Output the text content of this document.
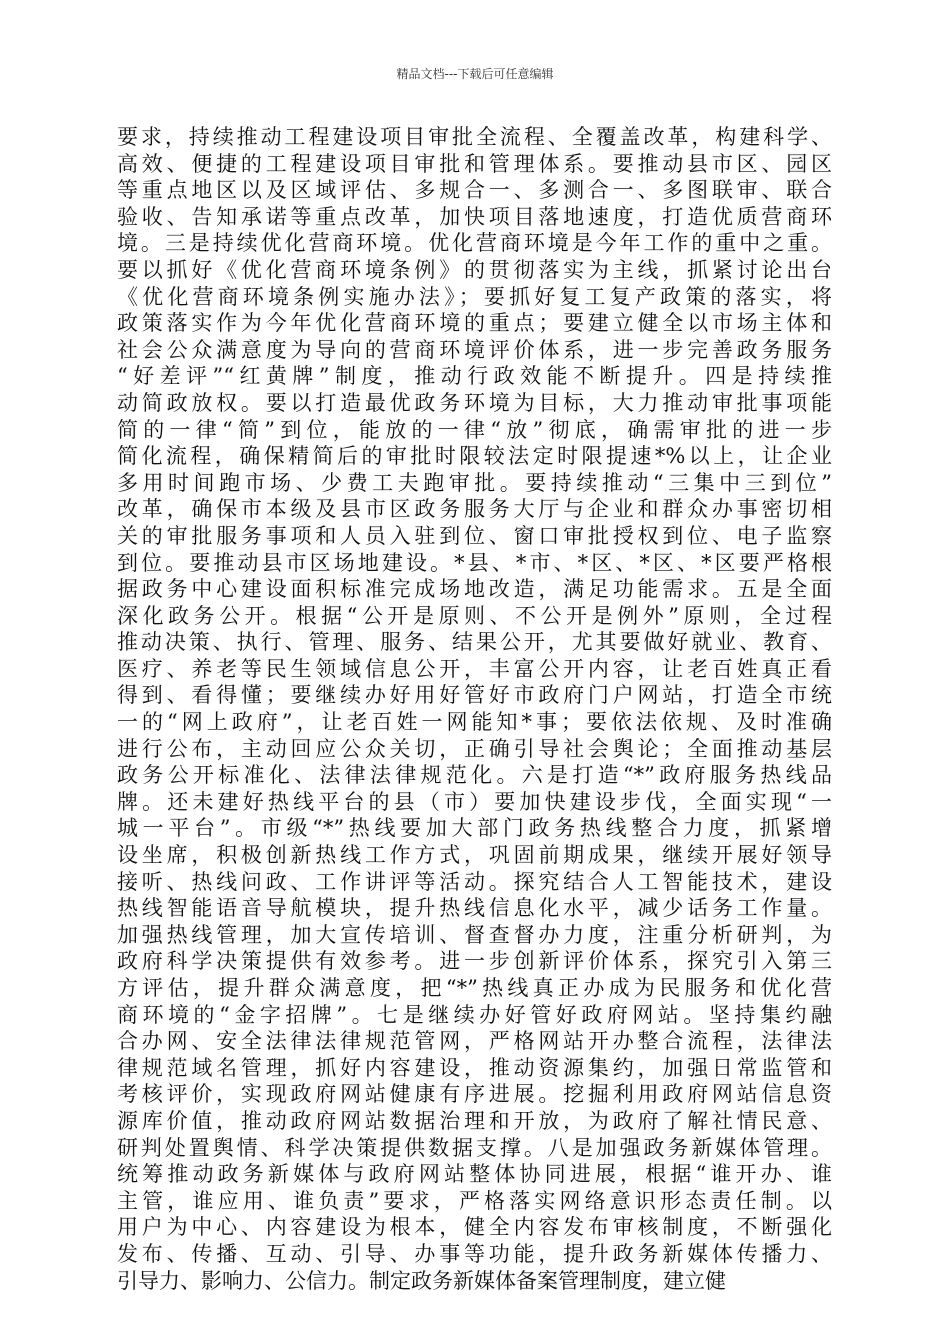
精品文档---下载后可任意编辑
要求，持续推动工程建设项目审批全流程、全覆盖改革，构建科学、
高效、便捷的工程建设项目审批和管理体系。要推动县市区、园区
等重点地区以及区域评估、多规合一、多测合一、多图联审、联合
验收、告知承诺等重点改革，加快项目落地速度，打造优质营商环
境。三是持续优化营商环境。优化营商环境是今年工作的重中之重。
要以抓好《优化营商环境条例》的贯彻落实为主线，抓紧讨论出台
《优化营商环境条例实施办法》；要抓好复工复产政策的落实，将
政策落实作为今年优化营商环境的重点；要建立健全以市场主体和
社会公众满意度为导向的营商环境评价体系，进一步完善政务服务
“好差评”“红黄牌”制度，推动行政效能不断提升。四是持续推
动简政放权。要以打造最优政务环境为目标，大力推动审批事项能
简的一律“简”到位，能放的一律“放”彻底，确需审批的进一步
简化流程，确保精简后的审批时限较法定时限提速*%以上，让企业
多用时间跑市场、少费工夫跑审批。要持续推动“三集中三到位”
改革，确保市本级及县市区政务服务大厅与企业和群众办事密切相
关的审批服务事项和人员入驻到位、窗口审批授权到位、电子监察
到位。要推动县市区场地建设。*县、*市、*区、*区、*区要严格根
据政务中心建设面积标准完成场地改造，满足功能需求。五是全面
深化政务公开。根据“公开是原则、不公开是例外”原则，全过程
推动决策、执行、管理、服务、结果公开，尤其要做好就业、教育、
医疗、养老等民生领域信息公开，丰富公开内容，让老百姓真正看
得到、看得懂；要继续办好用好管好市政府门户网站，打造全市统
一的“网上政府”，让老百姓一网能知*事；要依法依规、及时准确
进行公布，主动回应公众关切，正确引导社会舆论；全面推动基层
政务公开标准化、法律法律规范化。六是打造“*”政府服务热线品
牌。还未建好热线平台的县（市）要加快建设步伐，全面实现“一
城一平台”。市级“*”热线要加大部门政务热线整合力度，抓紧增
设坐席，积极创新热线工作方式，巩固前期成果，继续开展好领导
接听、热线问政、工作讲评等活动。探究结合人工智能技术，建设
热线智能语音导航模块，提升热线信息化水平，减少话务工作量。
加强热线管理，加大宣传培训、督查督办力度，注重分析研判，为
政府科学决策提供有效参考。进一步创新评价体系，探究引入第三
方评估，提升群众满意度，把“*”热线真正办成为民服务和优化营
商环境的“金字招牌”。七是继续办好管好政府网站。坚持集约融
合办网、安全法律法律规范管网，严格网站开办整合流程，法律法
律规范域名管理，抓好内容建设，推动资源集约，加强日常监管和
考核评价，实现政府网站健康有序进展。挖掘利用政府网站信息资
源库价值，推动政府网站数据治理和开放，为政府了解社情民意、
研判处置舆情、科学决策提供数据支撑。八是加强政务新媒体管理。
统筹推动政务新媒体与政府网站整体协同进展，根据“谁开办、谁
主管，谁应用、谁负责”要求，严格落实网络意识形态责任制。以
用户为中心、内容建设为根本，健全内容发布审核制度，不断强化
发布、传播、互动、引导、办事等功能，提升政务新媒体传播力、
引导力、影响力、公信力。制定政务新媒体备案管理制度，建立健
